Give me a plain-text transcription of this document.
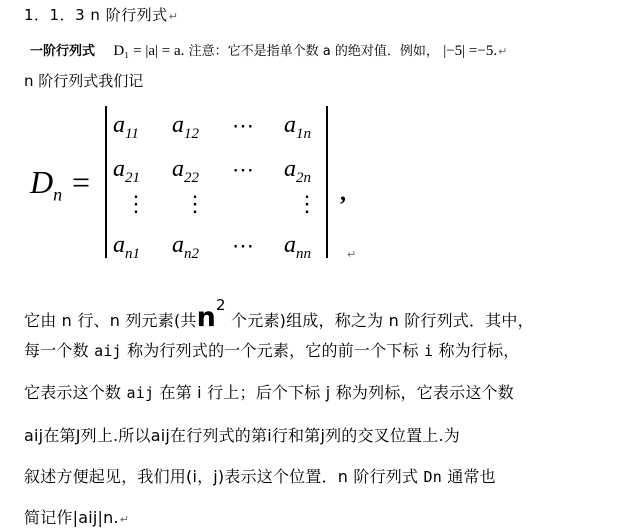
1．1．3 n 阶行列式↵
一阶行列式 D₁ = |a| = a. 注意：它不是指单个数 a 的绝对值．例如， |−5| =−5.↵
n 阶行列式我们记
$D_n$ =	,
↵
$a_{11}$ $a_{12}$ ⋯ $a_{1n}$
$a_{21}$ $a_{22}$ ⋯ $a_{2n}$
⋮ ⋮	⋮
$a_{n1}$ $a_{n2}$ ⋯ $a_{nn}$
它由 n 行、n 列元素(共n2 个元素)组成，称之为 n 阶行列式．其中，
每一个数 aij 称为行列式的一个元素，它的前一个下标 i 称为行标，
它表示这个数 aij 在第 i 行上；后个下标 j 称为列标，它表示这个数
aij在第J列上.所以aij在行列式的第i行和第j列的交叉位置上.为
叙述方便起见，我们用(i，j)表示这个位置．n 阶行列式 Dn 通常也
简记作|aij|n.↵
